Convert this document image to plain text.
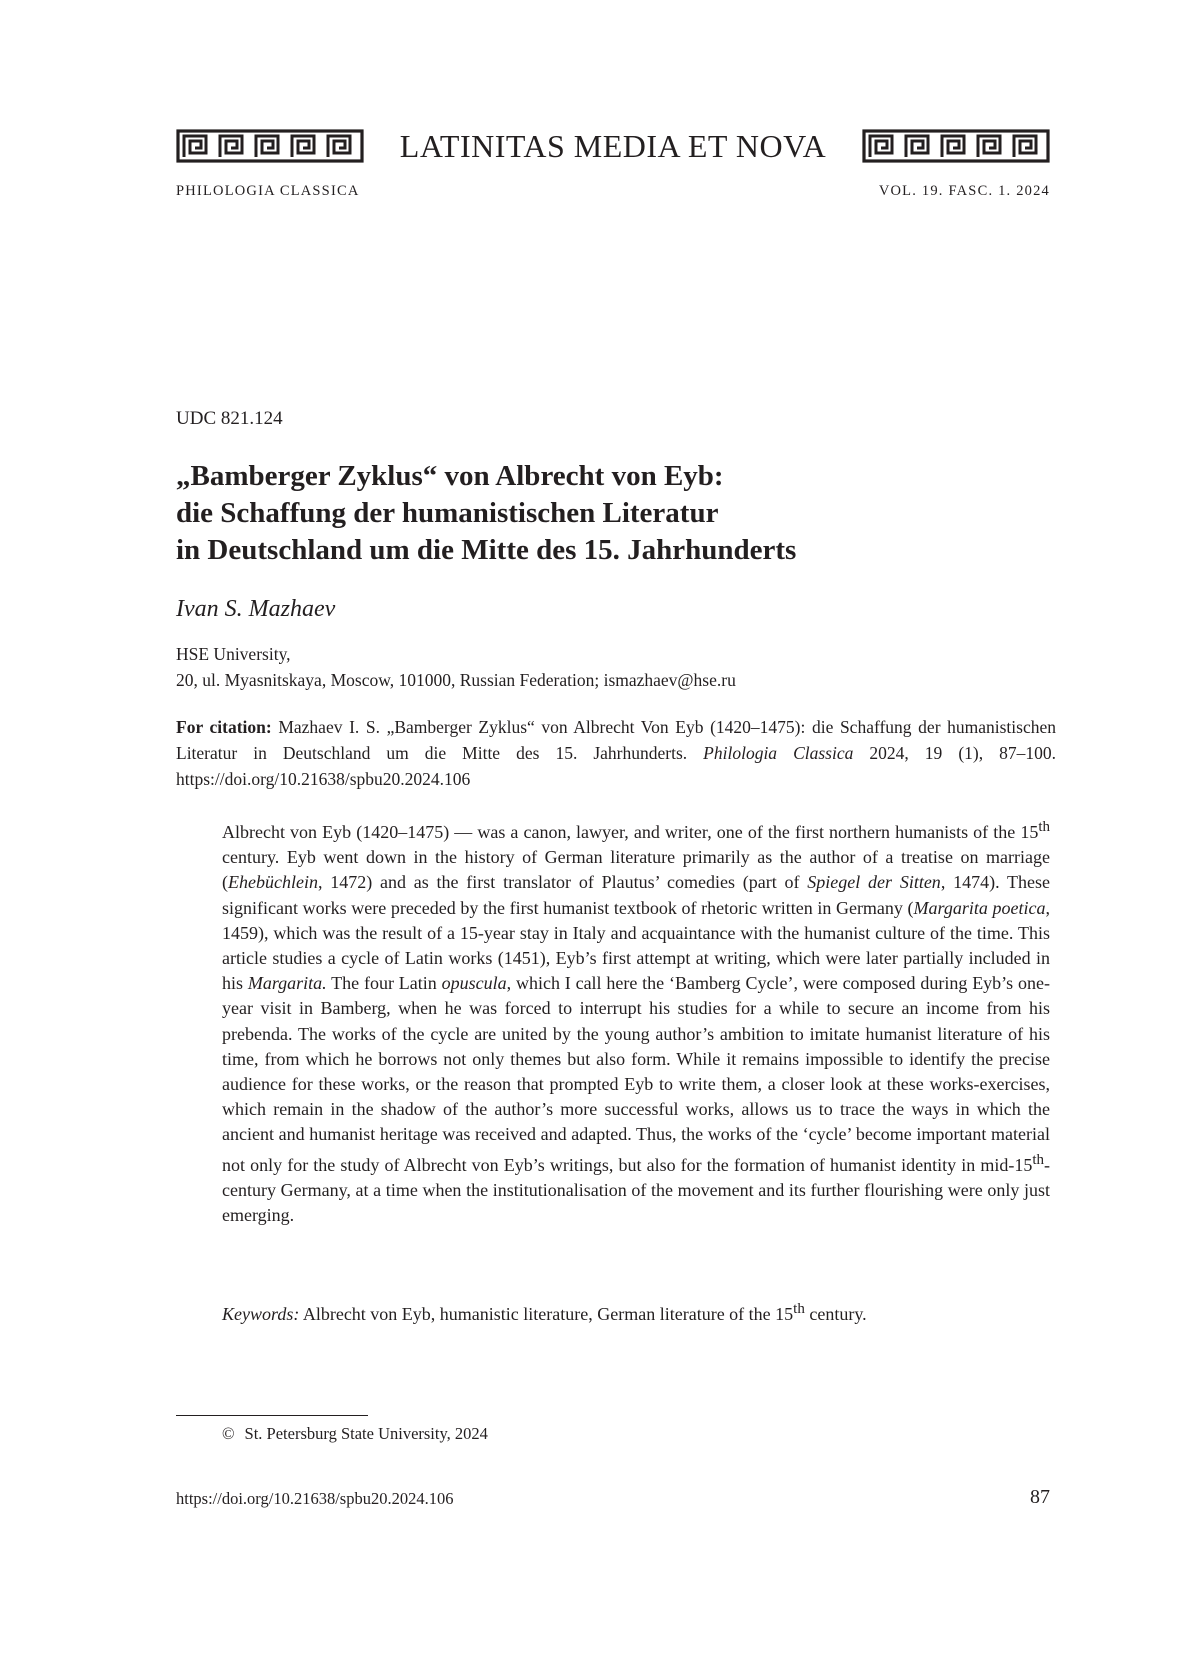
LATINITAS MEDIA ET NOVA
PHILOLOGIA CLASSICA	VOL. 19. FASC. 1. 2024
UDC 821.124
„Bamberger Zyklus“ von Albrecht von Eyb:
die Schaffung der humanistischen Literatur
in Deutschland um die Mitte des 15. Jahrhunderts
Ivan S. Mazhaev
HSE University,
20, ul. Myasnitskaya, Moscow, 101000, Russian Federation; ismazhaev@hse.ru
For citation: Mazhaev I. S. „Bamberger Zyklus“ von Albrecht Von Eyb (1420–1475): die Schaffung der humanistischen Literatur in Deutschland um die Mitte des 15. Jahrhunderts. Philologia Classica 2024, 19 (1), 87–100. https://doi.org/10.21638/spbu20.2024.106

Albrecht von Eyb (1420–1475) — was a canon, lawyer, and writer, one of the first northern humanists of the 15th century. Eyb went down in the history of German literature primarily as the author of a treatise on marriage (Ehebüchlein, 1472) and as the first translator of Plautus’ comedies (part of Spiegel der Sitten, 1474). These significant works were preceded by the first humanist textbook of rhetoric written in Germany (Margarita poetica, 1459), which was the result of a 15-year stay in Italy and acquaintance with the humanist culture of the time. This article studies a cycle of Latin works (1451), Eyb’s first attempt at writing, which were later partially included in his Margarita. The four Latin opuscula, which I call here the ‘Bamberg Cycle’, were composed during Eyb’s one-year visit in Bamberg, when he was forced to interrupt his studies for a while to secure an income from his prebenda. The works of the cycle are united by the young author’s ambition to imitate humanist literature of his time, from which he borrows not only themes but also form. While it remains impossible to identify the precise audience for these works, or the reason that prompted Eyb to write them, a closer look at these works-exercises, which remain in the shadow of the author’s more successful works, allows us to trace the ways in which the ancient and humanist heritage was received and adapted. Thus, the works of the ‘cycle’ become important material not only for the study of Albrecht von Eyb’s writings, but also for the formation of humanist identity in mid-15th-century Germany, at a time when the institutionalisation of the movement and its further flourishing were only just emerging.

Keywords: Albrecht von Eyb, humanistic literature, German literature of the 15th century.
© St. Petersburg State University, 2024
https://doi.org/10.21638/spbu20.2024.106	87
